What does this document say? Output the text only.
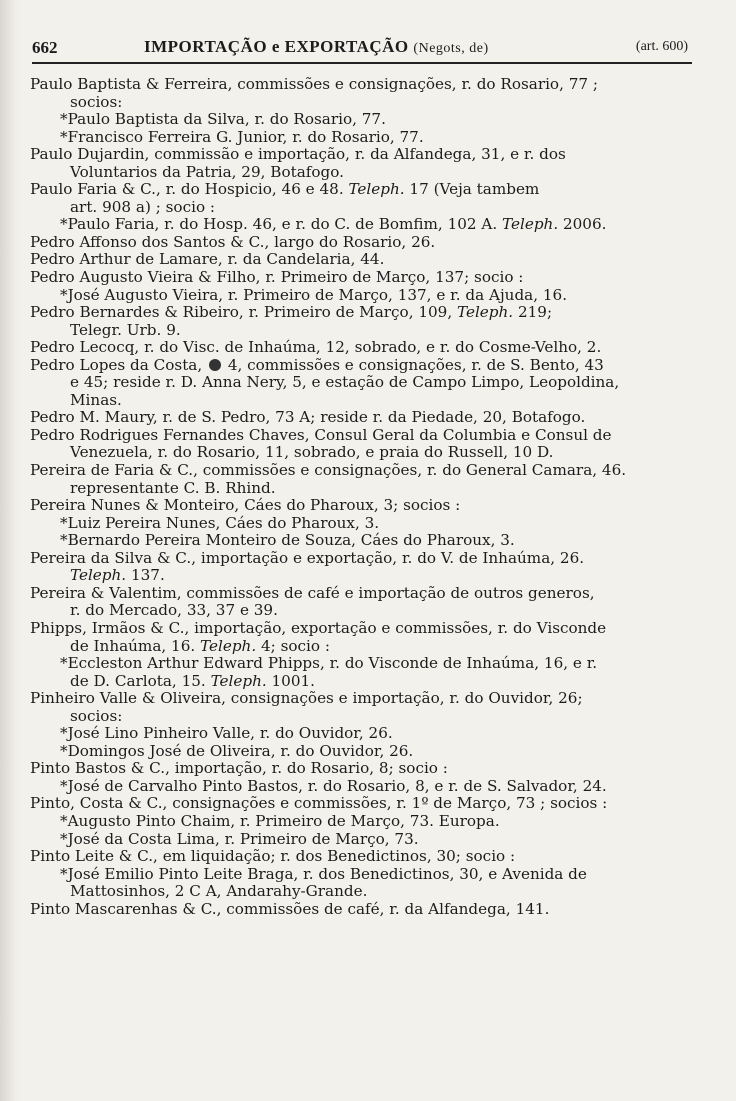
662	IMPORTAÇÃO e EXPORTAÇÃO (Negots, de)	(art. 600)
Paulo Baptista & Ferreira, commissões e consignações, r. do Rosario, 77 ;
socios:
*Paulo Baptista da Silva, r. do Rosario, 77.
*Francisco Ferreira G. Junior, r. do Rosario, 77.
Paulo Dujardin, commissão e importação, r. da Alfandega, 31, e r. dos
Voluntarios da Patria, 29, Botafogo.
Paulo Faria & C., r. do Hospicio, 46 e 48. Teleph. 17 (Veja tambem
art. 908 a) ; socio :
*Paulo Faria, r. do Hosp. 46, e r. do C. de Bomfim, 102 A. Teleph. 2006.
Pedro Affonso dos Santos & C., largo do Rosario, 26.
Pedro Arthur de Lamare, r. da Candelaria, 44.
Pedro Augusto Vieira & Filho, r. Primeiro de Março, 137; socio :
*José Augusto Vieira, r. Primeiro de Março, 137, e r. da Ajuda, 16.
Pedro Bernardes & Ribeiro, r. Primeiro de Março, 109, Teleph. 219;
Telegr. Urb. 9.
Pedro Lecocq, r. do Visc. de Inhaúma, 12, sobrado, e r. do Cosme-Velho, 2.
Pedro Lopes da Costa,  4, commissões e consignações, r. de S. Bento, 43
e 45; reside r. D. Anna Nery, 5, e estação de Campo Limpo, Leopoldina,
Minas.
Pedro M. Maury, r. de S. Pedro, 73 A; reside r. da Piedade, 20, Botafogo.
Pedro Rodrigues Fernandes Chaves, Consul Geral da Columbia e Consul de
Venezuela, r. do Rosario, 11, sobrado, e praia do Russell, 10 D.
Pereira de Faria & C., commissões e consignações, r. do General Camara, 46.
representante C. B. Rhind.
Pereira Nunes & Monteiro, Cáes do Pharoux, 3; socios :
*Luiz Pereira Nunes, Cáes do Pharoux, 3.
*Bernardo Pereira Monteiro de Souza, Cáes do Pharoux, 3.
Pereira da Silva & C., importação e exportação, r. do V. de Inhaúma, 26.
Teleph. 137.
Pereira & Valentim, commissões de café e importação de outros generos,
r. do Mercado, 33, 37 e 39.
Phipps, Irmãos & C., importação, exportação e commissões, r. do Visconde
de Inhaúma, 16. Teleph. 4; socio :
*Eccleston Arthur Edward Phipps, r. do Visconde de Inhaúma, 16, e r.
de D. Carlota, 15. Teleph. 1001.
Pinheiro Valle & Oliveira, consignações e importação, r. do Ouvidor, 26;
socios:
*José Lino Pinheiro Valle, r. do Ouvidor, 26.
*Domingos José de Oliveira, r. do Ouvidor, 26.
Pinto Bastos & C., importação, r. do Rosario, 8; socio :
*José de Carvalho Pinto Bastos, r. do Rosario, 8, e r. de S. Salvador, 24.
Pinto, Costa & C., consignações e commissões, r. 1º de Março, 73 ; socios :
*Augusto Pinto Chaim, r. Primeiro de Março, 73. Europa.
*José da Costa Lima, r. Primeiro de Março, 73.
Pinto Leite & C., em liquidação; r. dos Benedictinos, 30; socio :
*José Emilio Pinto Leite Braga, r. dos Benedictinos, 30, e Avenida de
Mattosinhos, 2 C A, Andarahy-Grande.
Pinto Mascarenhas & C., commissões de café, r. da Alfandega, 141.
